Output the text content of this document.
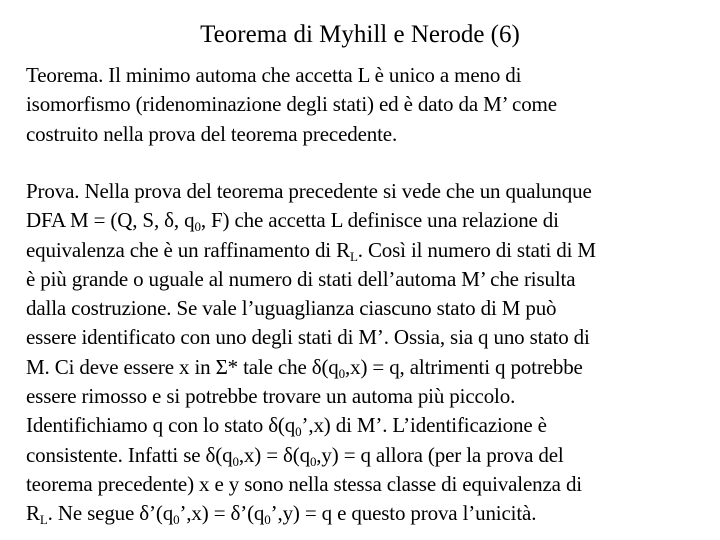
Teorema di Myhill e Nerode (6)
Teorema. Il minimo automa che accetta L è unico a meno di
isomorfismo (ridenominazione degli stati) ed è dato da M’ come
costruito nella prova del teorema precedente.
Prova. Nella prova del teorema precedente si vede che un qualunque
DFA M = (Q, S, δ, $q_0$, F) che accetta L definisce una relazione di
equivalenza che è un raffinamento di $R_L$. Così il numero di stati di M
è più grande o uguale al numero di stati dell’automa M’ che risulta
dalla costruzione. Se vale l’uguaglianza ciascuno stato di M può
essere identificato con uno degli stati di M’. Ossia, sia q uno stato di
M. Ci deve essere x in Σ* tale che $\delta(q_0,x) = q$, altrimenti q potrebbe
essere rimosso e si potrebbe trovare un automa più piccolo.
Identifichiamo q con lo stato $\delta(q_0’,x)$ di M’. L’identificazione è
consistente. Infatti se $\delta(q_0,x) = \delta(q_0,y) = q$ allora (per la prova del
teorema precedente) x e y sono nella stessa classe di equivalenza di
$R_L$. Ne segue $\delta’(q_0’,x)$ = $\delta’(q_0’,y) = q$ e questo prova l’unicità.
